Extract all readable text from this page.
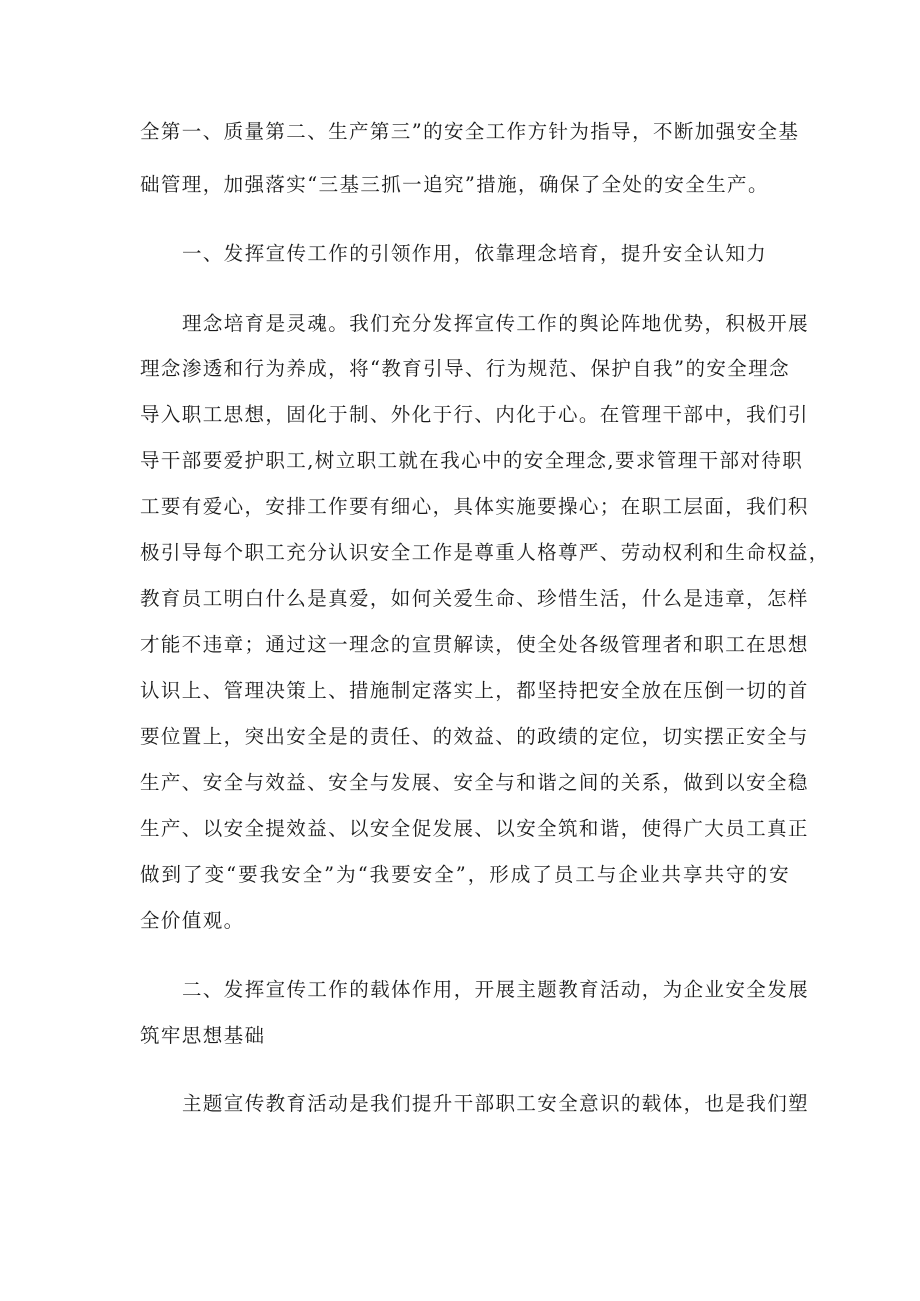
全第一、质量第二、生产第三”的安全工作方针为指导，不断加强安全基
础管理，加强落实“三基三抓一追究”措施，确保了全处的安全生产。
一、发挥宣传工作的引领作用，依靠理念培育，提升安全认知力
理念培育是灵魂。我们充分发挥宣传工作的舆论阵地优势，积极开展
理念渗透和行为养成，将“教育引导、行为规范、保护自我”的安全理念
导入职工思想，固化于制、外化于行、内化于心。在管理干部中，我们引
导干部要爱护职工,树立职工就在我心中的安全理念,要求管理干部对待职
工要有爱心，安排工作要有细心，具体实施要操心；在职工层面，我们积
极引导每个职工充分认识安全工作是尊重人格尊严、劳动权利和生命权益，
教育员工明白什么是真爱，如何关爱生命、珍惜生活，什么是违章，怎样
才能不违章；通过这一理念的宣贯解读，使全处各级管理者和职工在思想
认识上、管理决策上、措施制定落实上，都坚持把安全放在压倒一切的首
要位置上，突出安全是的责任、的效益、的政绩的定位，切实摆正安全与
生产、安全与效益、安全与发展、安全与和谐之间的关系，做到以安全稳
生产、以安全提效益、以安全促发展、以安全筑和谐，使得广大员工真正
做到了变“要我安全”为“我要安全”，形成了员工与企业共享共守的安
全价值观。
二、发挥宣传工作的载体作用，开展主题教育活动，为企业安全发展
筑牢思想基础
主题宣传教育活动是我们提升干部职工安全意识的载体，也是我们塑
